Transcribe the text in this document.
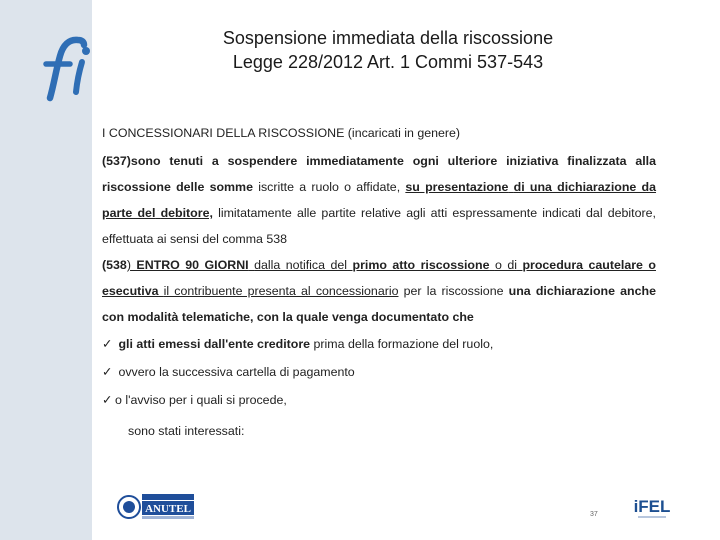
Sospensione immediata della riscossione
Legge 228/2012 Art. 1 Commi 537-543

I CONCESSIONARI DELLA RISCOSSIONE (incaricati in genere)

(537)sono tenuti a sospendere immediatamente ogni ulteriore iniziativa finalizzata alla riscossione delle somme iscritte a ruolo o affidate, su presentazione di una dichiarazione da parte del debitore, limitatamente alle partite relative agli atti espressamente indicati dal debitore, effettuata ai sensi del comma 538

(538) ENTRO 90 GIORNI dalla notifica del primo atto riscossione o di procedura cautelare o esecutiva il contribuente presenta al concessionario per la riscossione una dichiarazione anche con modalità telematiche, con la quale venga documentato che

✓ gli atti emessi dall'ente creditore prima della formazione del ruolo,
✓ ovvero la successiva cartella di pagamento
✓ o l'avviso per i quali si procede,
sono stati interessati:
ANUTEL	iFEL
37
